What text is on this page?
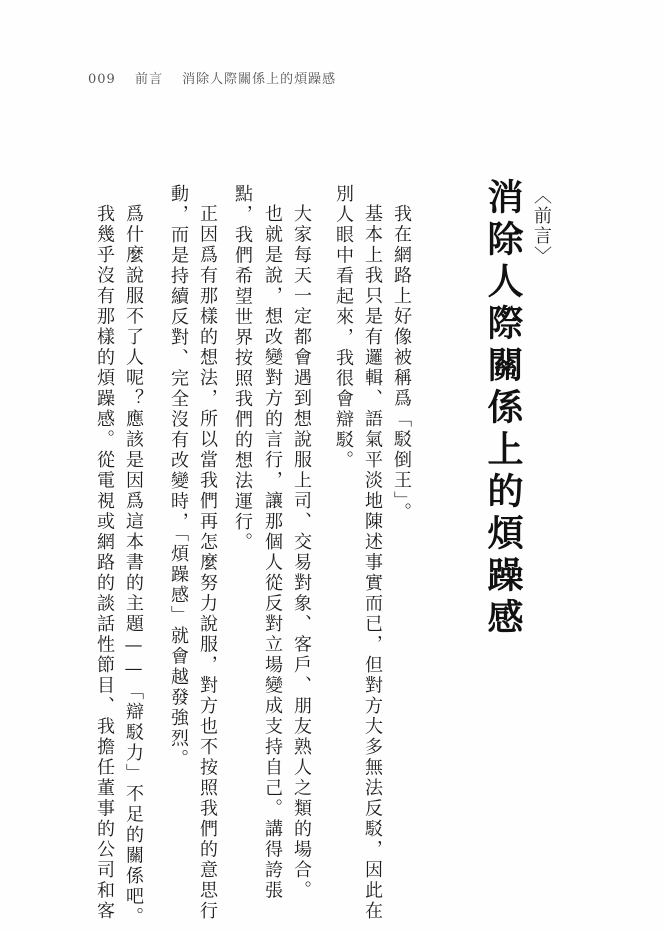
009 前言 消除人際關係上的煩躁感
〈前言〉
消除人際關係上的煩躁感
我在網路上好像被稱爲「駁倒王」。
基本上我只是有邏輯、語氣平淡地陳述事實而已，但對方大多無法反駁，因此在
別人眼中看起來，我很會辯駁。
大家每天一定都會遇到想說服上司、交易對象、客戶、朋友熟人之類的場合。
也就是說，想改變對方的言行，讓那個人從反對立場變成支持自己。講得誇張
點，我們希望世界按照我們的想法運行。
正因爲有那樣的想法，所以當我們再怎麼努力說服，對方也不按照我們的意思行
動，而是持續反對、完全沒有改變時，「煩躁感」就會越發強烈。
爲什麼說服不了人呢？應該是因爲這本書的主題——「辯駁力」不足的關係吧。
我幾乎沒有那樣的煩躁感。從電視或網路的談話性節目、我擔任董事的公司和客
